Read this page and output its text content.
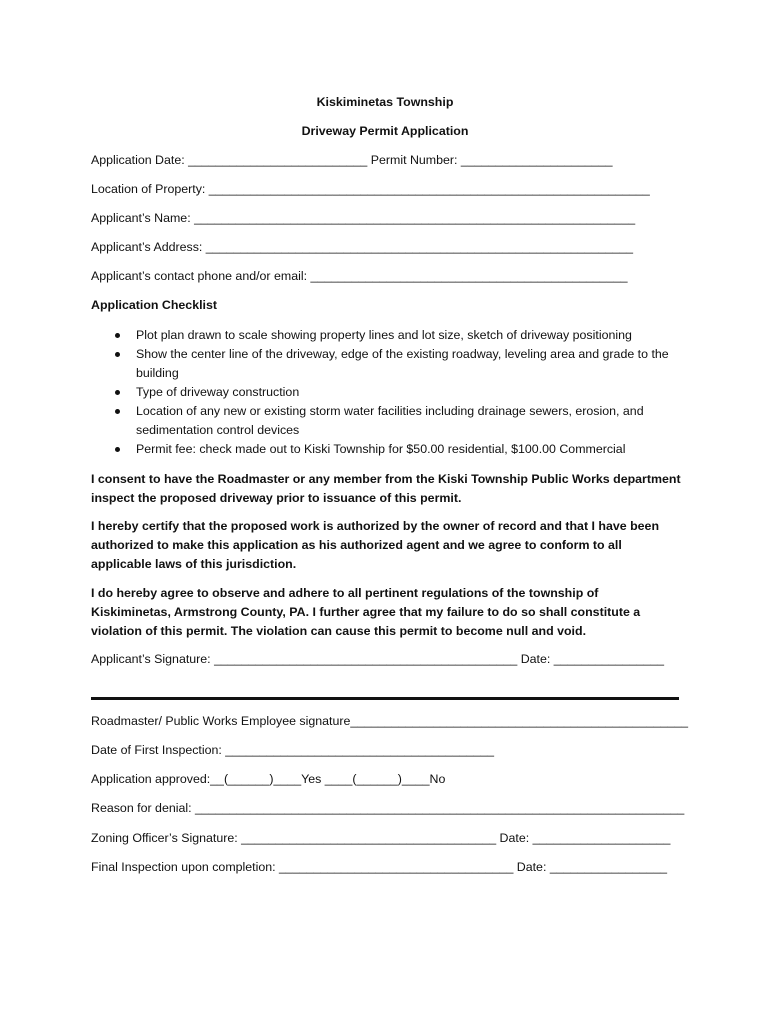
Kiskiminetas Township
Driveway Permit Application
Application Date: __________________________ Permit Number: ______________________
Location of Property: ________________________________________________________________
Applicant’s Name: ________________________________________________________________
Applicant’s Address: ______________________________________________________________
Applicant’s contact phone and/or email: ______________________________________________
Application Checklist
Plot plan drawn to scale showing property lines and lot size, sketch of driveway positioning
Show the center line of the driveway, edge of the existing roadway, leveling area and grade to the building
Type of driveway construction
Location of any new or existing storm water facilities including drainage sewers, erosion, and sedimentation control devices
Permit fee: check made out to Kiski Township for $50.00 residential, $100.00 Commercial

I consent to have the Roadmaster or any member from the Kiski Township Public Works department inspect the proposed driveway prior to issuance of this permit.

I hereby certify that the proposed work is authorized by the owner of record and that I have been authorized to make this application as his authorized agent and we agree to conform to all applicable laws of this jurisdiction.

I do hereby agree to observe and adhere to all pertinent regulations of the township of Kiskiminetas, Armstrong County, PA. I further agree that my failure to do so shall constitute a violation of this permit. The violation can cause this permit to become null and void.

Applicant’s Signature: ____________________________________________ Date: ________________
Roadmaster/ Public Works Employee signature_________________________________________________
Date of First Inspection: _______________________________________
Application approved:__(______)____Yes ____(______)____No
Reason for denial: _______________________________________________________________________
Zoning Officer’s Signature: _____________________________________ Date: ____________________
Final Inspection upon completion: __________________________________ Date: _________________
